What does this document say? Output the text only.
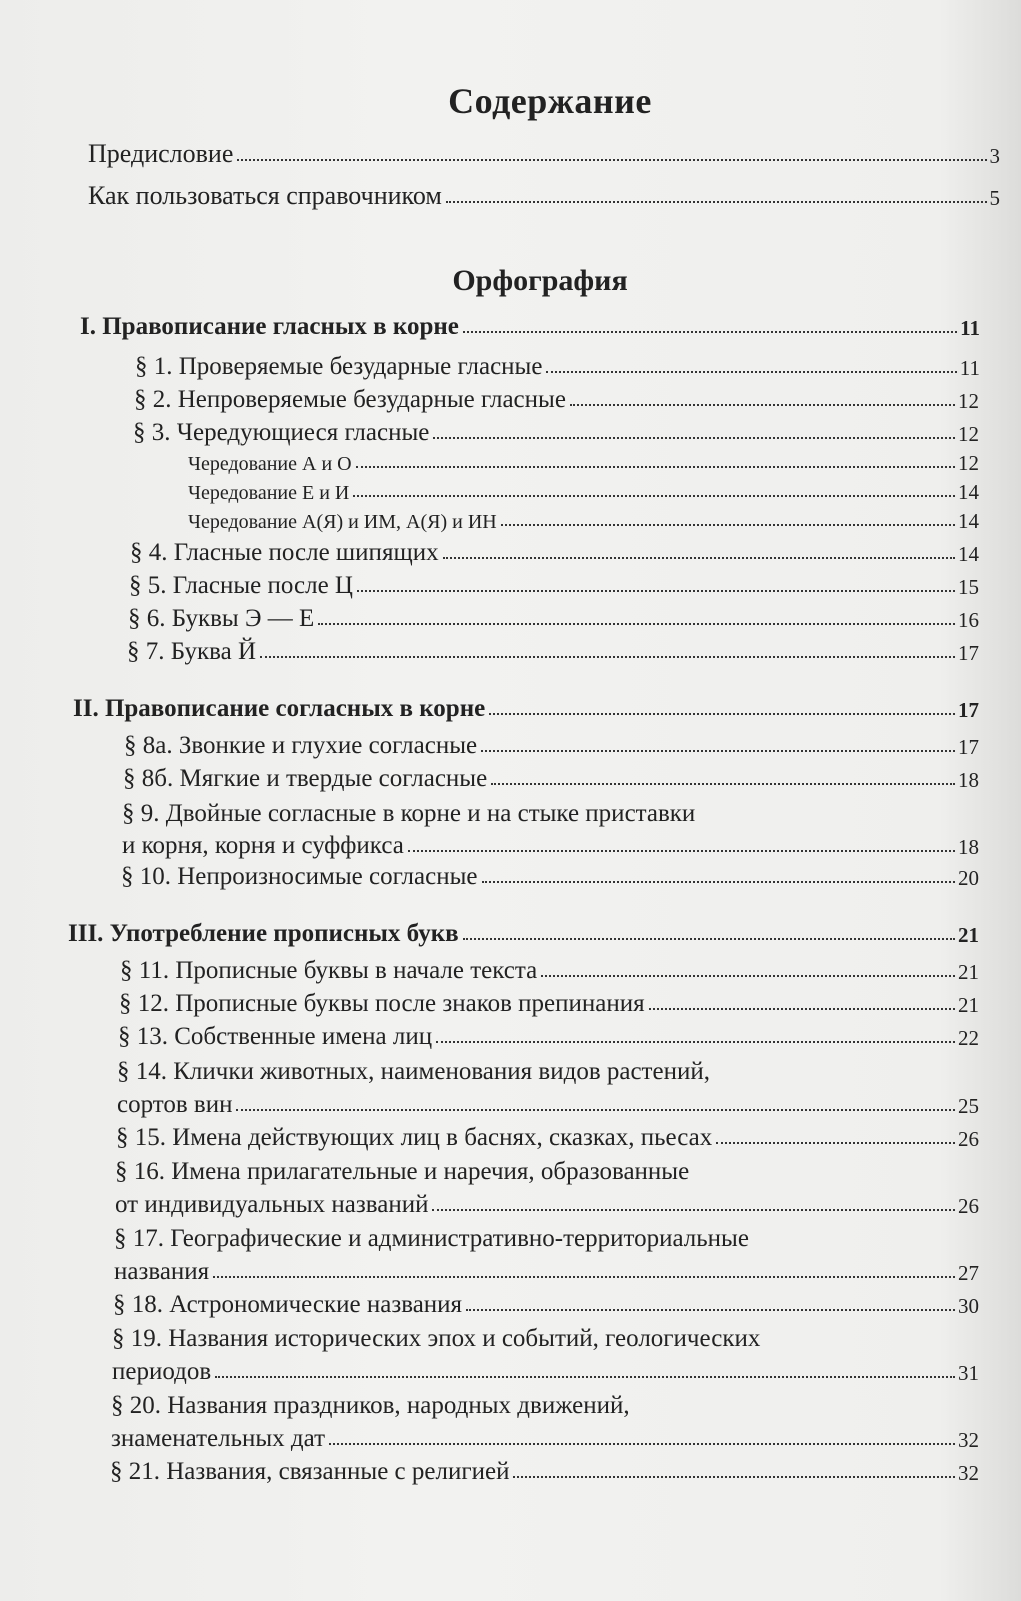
Содержание
Предисловие	3
Как пользоваться справочником	5
Орфография
I. Правописание гласных в корне	11
§ 1. Проверяемые безударные гласные	11
§ 2. Непроверяемые безударные гласные	12
§ 3. Чередующиеся гласные	12
Чередование А и О	12
Чередование Е и И	14
Чередование А(Я) и ИМ, А(Я) и ИН	14
§ 4. Гласные после шипящих	14
§ 5. Гласные после Ц	15
§ 6. Буквы Э — Е	16
§ 7. Буква Й	17
II. Правописание согласных в корне	17
§ 8а. Звонкие и глухие согласные	17
§ 8б. Мягкие и твердые согласные	18
§ 9. Двойные согласные в корне и на стыке приставки
и корня, корня и суффикса	18
§ 10. Непроизносимые согласные	20
III. Употребление прописных букв	21
§ 11. Прописные буквы в начале текста	21
§ 12. Прописные буквы после знаков препинания	21
§ 13. Собственные имена лиц	22
§ 14. Клички животных, наименования видов растений,
сортов вин	25
§ 15. Имена действующих лиц в баснях, сказках, пьесах	26
§ 16. Имена прилагательные и наречия, образованные
от индивидуальных названий	26
§ 17. Географические и административно-территориальные
названия	27
§ 18. Астрономические названия	30
§ 19. Названия исторических эпох и событий, геологических
периодов	31
§ 20. Названия праздников, народных движений,
знаменательных дат	32
§ 21. Названия, связанные с религией	32
